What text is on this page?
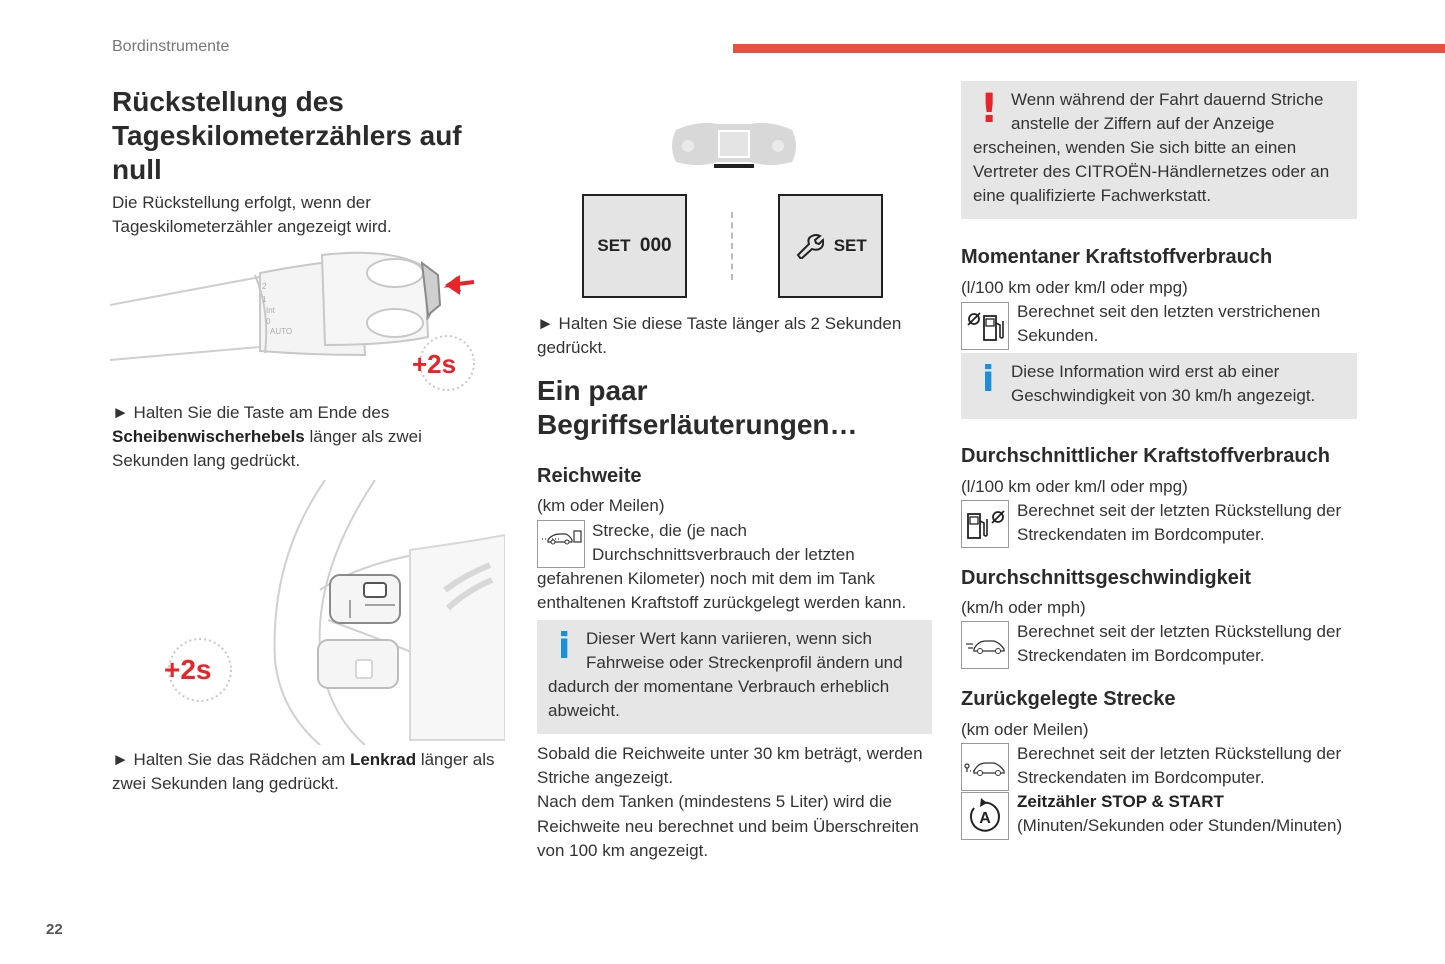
Bordinstrumente
Rückstellung des
Tageskilometerzählers auf
null
Die Rückstellung erfolgt, wenn der
Tageskilometerzähler angezeigt wird.
2
1
Int
0
AUTO
+2s
► Halten Sie die Taste am Ende des
Scheibenwischerhebels länger als zwei
Sekunden lang gedrückt.
+2s
► Halten Sie das Rädchen am Lenkrad länger als
zwei Sekunden lang gedrückt.
SET
000
	SET
► Halten Sie diese Taste länger als 2 Sekunden
gedrückt.
Ein paar
Begriffserläuterungen…
Reichweite
(km oder Meilen)
Strecke, die (je nach
Durchschnittsverbrauch der letzten
gefahrenen Kilometer) noch mit dem im Tank
enthaltenen Kraftstoff zurückgelegt werden kann.
i Dieser Wert kann variieren, wenn sich
Fahrweise oder Streckenprofil ändern und
dadurch der momentane Verbrauch erheblich
abweicht.
Sobald die Reichweite unter 30 km beträgt, werden
Striche angezeigt.
Nach dem Tanken (mindestens 5 Liter) wird die
Reichweite neu berechnet und beim Überschreiten
von 100 km angezeigt.
! Wenn während der Fahrt dauernd Striche
anstelle der Ziffern auf der Anzeige
erscheinen, wenden Sie sich bitte an einen
Vertreter des CITROËN-Händlernetzes oder an
eine qualifizierte Fachwerkstatt.
Momentaner Kraftstoffverbrauch
(l/100 km oder km/l oder mpg)
Berechnet seit den letzten verstrichenen
Sekunden.
i Diese Information wird erst ab einer
Geschwindigkeit von 30 km/h angezeigt.
Durchschnittlicher Kraftstoffverbrauch
(l/100 km oder km/l oder mpg)
Berechnet seit der letzten Rückstellung der
Streckendaten im Bordcomputer.
Durchschnittsgeschwindigkeit
(km/h oder mph)
Berechnet seit der letzten Rückstellung der
Streckendaten im Bordcomputer.
Zurückgelegte Strecke
(km oder Meilen)
Berechnet seit der letzten Rückstellung der
Streckendaten im Bordcomputer.
A
Zeitzähler STOP & START
(Minuten/Sekunden oder Stunden/Minuten)
22
